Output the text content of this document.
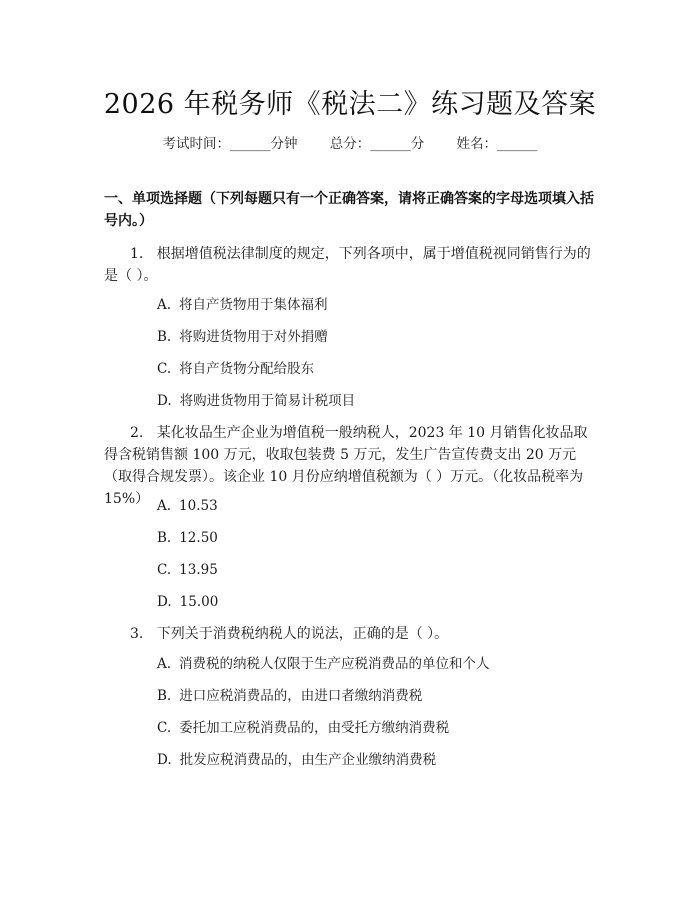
2026 年税务师《税法二》练习题及答案
考试时间：______分钟 总分：______分 姓名：______
一、单项选择题（下列每题只有一个正确答案，请将正确答案的字母选项填入括号内。）
1. 根据增值税法律制度的规定，下列各项中，属于增值税视同销售行为的是（ ）。
A. 将自产货物用于集体福利
B. 将购进货物用于对外捐赠
C. 将自产货物分配给股东
D. 将购进货物用于简易计税项目
2. 某化妆品生产企业为增值税一般纳税人，2023 年 10 月销售化妆品取得含税销售额 100 万元，收取包装费 5 万元，发生广告宣传费支出 20 万元（取得合规发票）。该企业 10 月份应纳增值税额为（ ）万元。（化妆品税率为 15%） A. 10.53
B. 12.50
C. 13.95
D. 15.00
3. 下列关于消费税纳税人的说法，正确的是（ ）。
A. 消费税的纳税人仅限于生产应税消费品的单位和个人
B. 进口应税消费品的，由进口者缴纳消费税
C. 委托加工应税消费品的，由受托方缴纳消费税
D. 批发应税消费品的，由生产企业缴纳消费税
